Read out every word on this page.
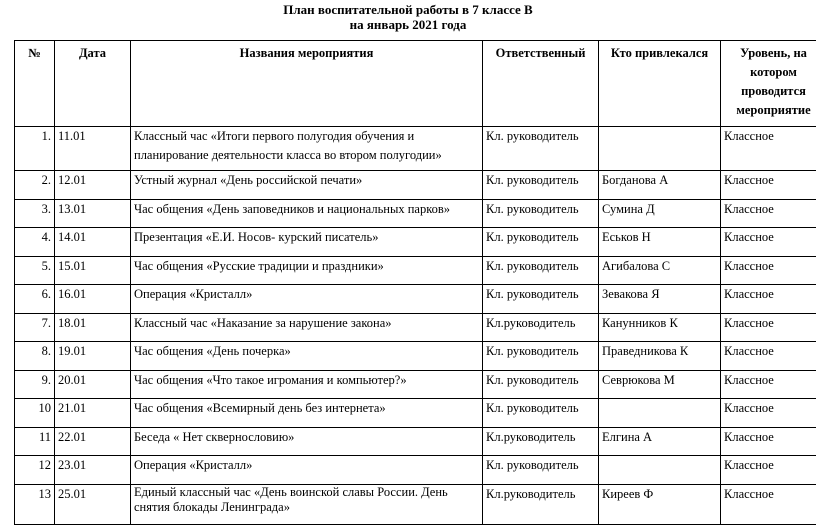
План воспитательной работы в 7 классе В
на январь 2021 года
№	Дата	Названия мероприятия	Ответственный	Кто привлекался	Уровень, на котором проводится мероприятие
1.	11.01	Классный час «Итоги первого полугодия обучения и планирование деятельности класса во втором полугодии»	Кл. руководитель		Классное
2.	12.01	Устный журнал «День российской печати»	Кл. руководитель	Богданова А	Классное
3.	13.01	Час общения «День заповедников и национальных парков»	Кл. руководитель	Сумина Д	Классное
4.	14.01	Презентация «Е.И. Носов- курский писатель»	Кл. руководитель	Еськов Н	Классное
5.	15.01	Час общения «Русские традиции и праздники»	Кл. руководитель	Агибалова С	Классное
6.	16.01	Операция «Кристалл»	Кл. руководитель	Зевакова Я	Классное
7.	18.01	Классный час «Наказание за нарушение закона»	Кл.руководитель	Канунников К	Классное
8.	19.01	Час общения «День почерка»	Кл. руководитель	Праведникова К	Классное
9.	20.01	Час общения «Что такое игромания и компьютер?»	Кл. руководитель	Севрюкова М	Классное
10	21.01	Час общения «Всемирный день без интернета»	Кл. руководитель		Классное
11	22.01	Беседа « Нет сквернословию»	Кл.руководитель	Елгина А	Классное
12	23.01	Операция «Кристалл»	Кл. руководитель		Классное
13	25.01	Единый классный час «День воинской славы России. День снятия блокады Ленинграда»	Кл.руководитель	Киреев Ф	Классное
